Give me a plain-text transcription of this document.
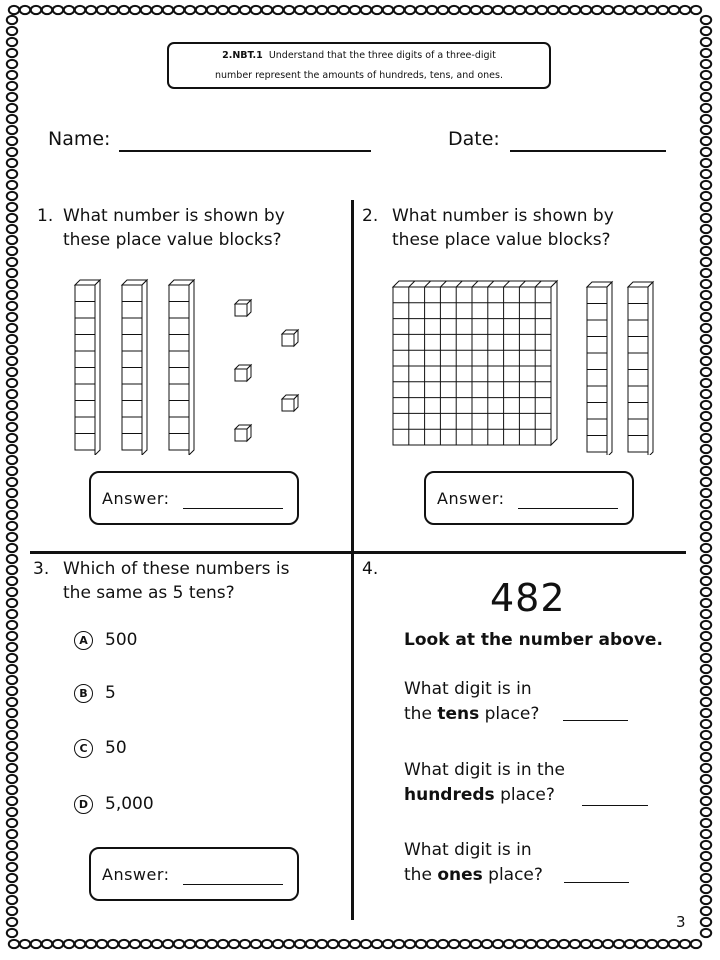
2.NBT.1 Understand that the three digits of a three-digit
number represent the amounts of hundreds, tens, and ones.
Name:	Date:
1. What number is shown by
these place value blocks?
Answer:
2. What number is shown by
these place value blocks?
Answer:
3. Which of these numbers is
the same as 5 tens?
A	500
B	5
C	50
D 5,000
Answer:
4.
482
Look at the number above.
What digit is in
the tens place?
What digit is in the
hundreds place?
What digit is in
the ones place?
3
